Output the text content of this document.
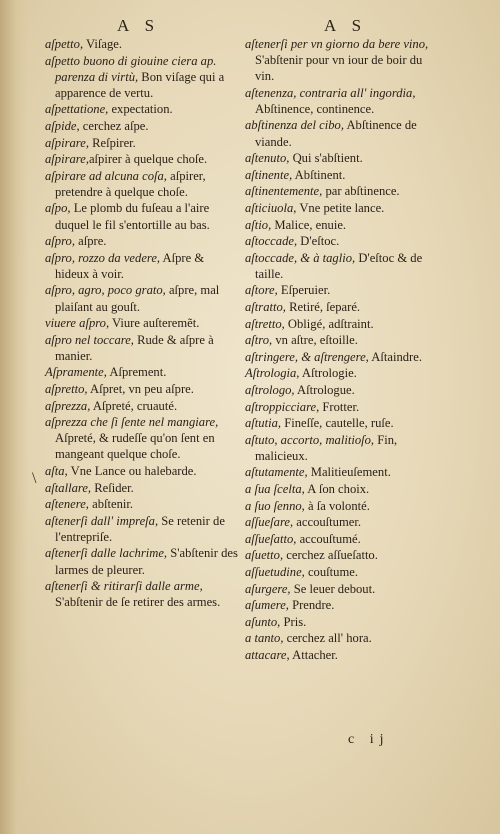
A S	A S
aſpetto, Viſage.
aſpetto buono di giouine ciera ap. parenza di virtù, Bon viſage qui a apparence de vertu.
aſpettatione, expectation.
aſpide, cerchez aſpe.
aſpirare, Reſpirer.
aſpirare,aſpirer à quelque choſe.
aſpirare ad alcuna coſa, aſpirer, pretendre à quelque choſe.
aſpo, Le plomb du fuſeau a l'aire duquel le fil s'entortille au bas.
aſpro, aſpre.
aſpro, rozzo da vedere, Aſpre & hideux à voir.
aſpro, agro, poco grato, aſpre, mal plaiſant au gouſt.
viuere aſpro, Viure auſteremẽt.
aſpro nel toccare, Rude & aſpre à manier.
Aſpramente, Aſprement.
aſpretto, Aſpret, vn peu aſpre.
aſprezza, Aſpreté, cruauté.
aſprezza che ſi ſente nel mangiare, Aſpreté, & rudeſſe qu'on ſent en mangeant quelque choſe.
aſta, Vne Lance ou halebarde.
aſtallare, Reſider.
aſtenere, abſtenir.
aſtenerſi dall' impreſa, Se retenir de l'entrepriſe.
aſtenerſi dalle lachrime, S'abſtenir des larmes de pleurer.
aſtenerſi & ritirarſi dalle arme, S'abſtenir de ſe retirer des armes.
aſtenerſi per vn giorno da bere vino, S'abſtenir pour vn iour de boir du vin.
aſtenenza, contraria all' ingordia, Abſtinence, continence.
abſtinenza del cibo, Abſtinence de viande.
aſtenuto, Qui s'abſtient.
aſtinente, Abſtinent.
aſtinentemente, par abſtinence.
aſticiuola, Vne petite lance.
aſtio, Malice, enuie.
aſtoccade, D'eſtoc.
aſtoccade, & à taglio, D'eſtoc & de taille.
aſtore, Eſperuier.
aſtratto, Retiré, ſeparé.
aſtretto, Obligé, adſtraint.
aſtro, vn aſtre, eſtoille.
aſtringere, & aſtrengere, Aſtaindre.
Aſtrologia, Aſtrologie.
aſtrologo, Aſtrologue.
aſtroppicciare, Frotter.
aſtutia, Fineſſe, cautelle, ruſe.
aſtuto, accorto, malitioſo, Fin, malicieux.
aſtutamente, Malitieuſement.
a ſua ſcelta, A ſon choix.
a ſuo ſenno, à ſa volonté.
aſſueſare, accouſtumer.
aſſueſatto, accouſtumé.
aſuetto, cerchez aſſueſatto.
aſſuetudine, couſtume.
aſurgere, Se leuer debout.
aſumere, Prendre.
aſunto, Pris.
a tanto, cerchez all' hora.
attacare, Attacher.
\
c ij
